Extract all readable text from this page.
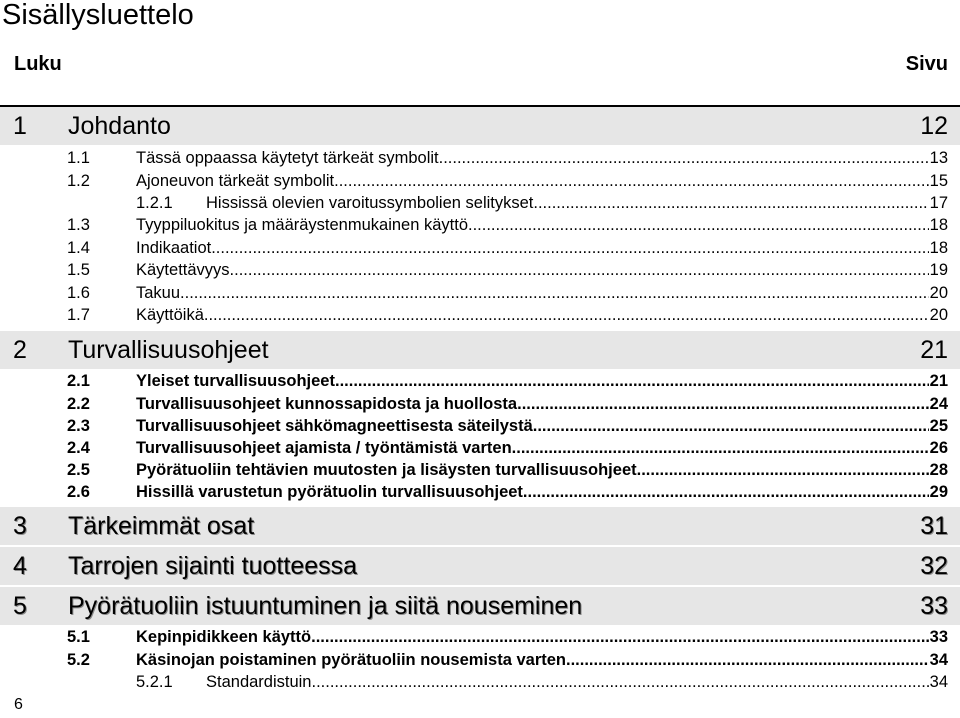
Sisällysluettelo
Luku	Sivu
1 Johdanto	12
1.1	Tässä oppaassa käytetyt tärkeät symbolit .....	13
1.2	Ajoneuvon tärkeät symbolit .....	15
1.2.1	Hississä olevien varoitussymbolien selitykset .....	17
1.3	Tyyppiluokitus ja määräystenmukainen käyttö .....	18
1.4	Indikaatiot .....	18
1.5	Käytettävyys .....	19
1.6	Takuu .....	20
1.7	Käyttöikä .....	20
2 Turvallisuusohjeet	21
2.1	Yleiset turvallisuusohjeet .....	21
2.2	Turvallisuusohjeet kunnossapidosta ja huollosta .....	24
2.3	Turvallisuusohjeet sähkömagneettisesta säteilystä .....	25
2.4	Turvallisuusohjeet ajamista / työntämistä varten .....	26
2.5	Pyörätuoliin tehtävien muutosten ja lisäysten turvallisuusohjeet .....	28
2.6	Hissillä varustetun pyörätuolin turvallisuusohjeet .....	29
3 Tärkeimmät osat	31
4 Tarrojen sijainti tuotteessa	32
5 Pyörätuoliin istuuntuminen ja siitä nouseminen	33
5.1	Kepinpidikkeen käyttö .....	33
5.2	Käsinojan poistaminen pyörätuoliin nousemista varten .....	34
5.2.1	Standardistuin .....	34
6
